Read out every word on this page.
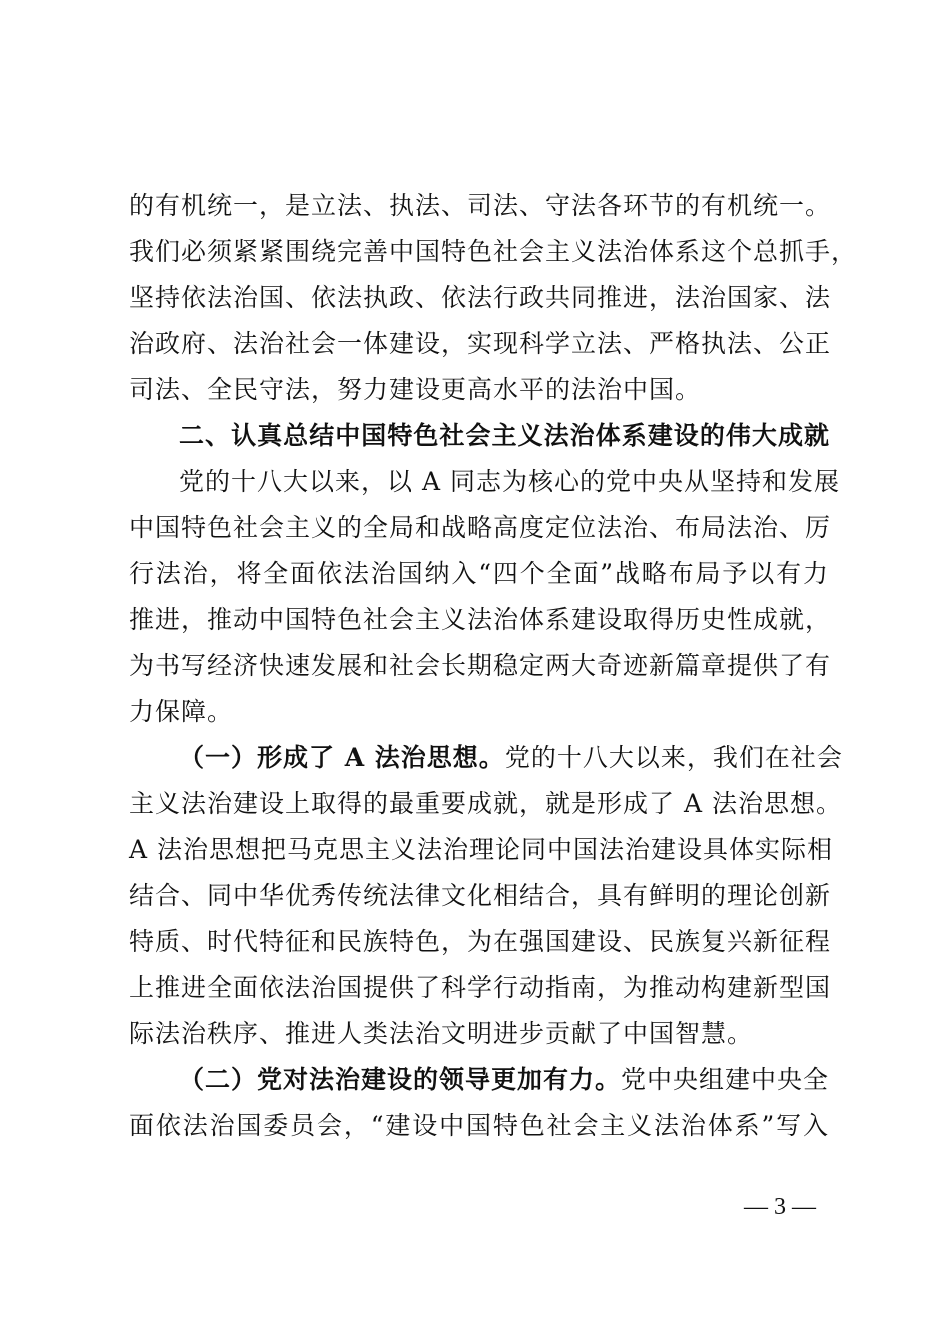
的有机统一，是立法、执法、司法、守法各环节的有机统一。
我们必须紧紧围绕完善中国特色社会主义法治体系这个总抓手，
坚持依法治国、依法执政、依法行政共同推进，法治国家、法
治政府、法治社会一体建设，实现科学立法、严格执法、公正
司法、全民守法，努力建设更高水平的法治中国。
二、认真总结中国特色社会主义法治体系建设的伟大成就
党的十八大以来，以 A 同志为核心的党中央从坚持和发展
中国特色社会主义的全局和战略高度定位法治、布局法治、厉
行法治，将全面依法治国纳入“四个全面”战略布局予以有力
推进，推动中国特色社会主义法治体系建设取得历史性成就，
为书写经济快速发展和社会长期稳定两大奇迹新篇章提供了有
力保障。
（一）形成了 A 法治思想。党的十八大以来，我们在社会
主义法治建设上取得的最重要成就，就是形成了 A 法治思想。
A 法治思想把马克思主义法治理论同中国法治建设具体实际相
结合、同中华优秀传统法律文化相结合，具有鲜明的理论创新
特质、时代特征和民族特色，为在强国建设、民族复兴新征程
上推进全面依法治国提供了科学行动指南，为推动构建新型国
际法治秩序、推进人类法治文明进步贡献了中国智慧。
（二）党对法治建设的领导更加有力。党中央组建中央全
面依法治国委员会，“建设中国特色社会主义法治体系”写入
— 3 —
